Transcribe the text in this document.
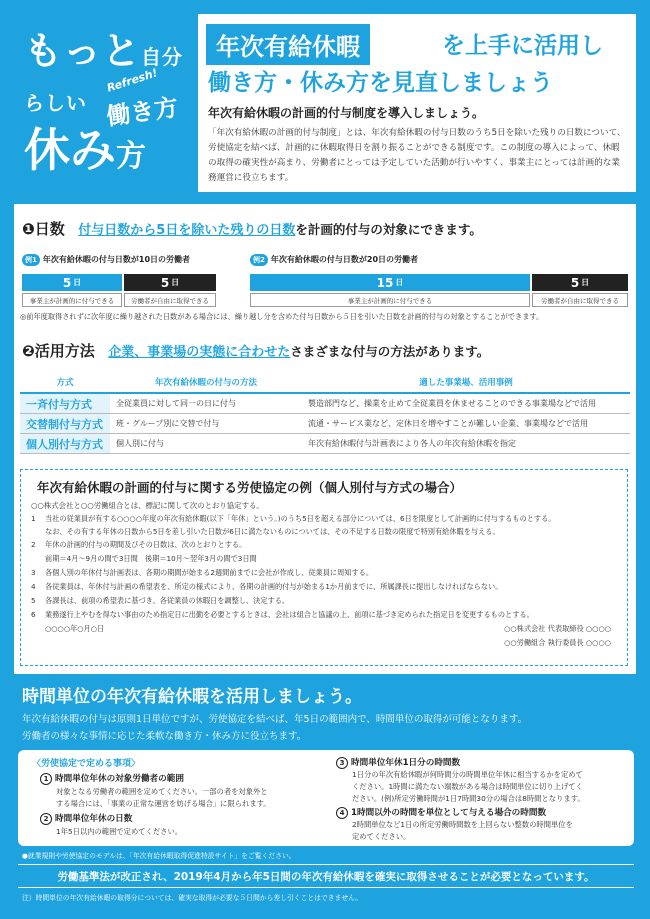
もっと自分らしい
Refresh!
働き方
休み方
年次有給休暇	を上手に活用し
働き方・休み方を見直しましょう
年次有給休暇の計画的付与制度を導入しましょう。
「年次有給休暇の計画的付与制度」とは、年次有給休暇の付与日数のうち5日を除いた残りの日数について、労使協定を結べば、計画的に休暇取得日を割り振ることができる制度です。この制度の導入によって、休暇の取得の確実性が高まり、労働者にとっては予定していた活動が行いやすく、事業主にとっては計画的な業務運営に役立ちます。
❶日数 付与日数から5日を除いた残りの日数を計画的付与の対象にできます。
例1 年次有給休暇の付与日数が10日の労働者
5 日	5 日
事業主が計画的に付与できる	労働者が自由に取得できる
例2 年次有給休暇の付与日数が20日の労働者
15 日	5 日
事業主が計画的に付与できる	労働者が自由に取得できる
◎前年度取得されずに次年度に繰り越された日数がある場合には、繰り越し分を含めた付与日数から５日を引いた日数を計画的付与の対象とすることができます。
❷活用方法 企業、事業場の実態に合わせたさまざまな付与の方法があります。
方式	年次有給休暇の付与の方法	適した事業場、活用事例
一斉付与方式	全従業員に対して同一の日に付与	製造部門など、操業を止めて全従業員を休ませることのできる事業場などで活用
交替制付与方式	班・グループ別に交替で付与	流通・サービス業など、定休日を増やすことが難しい企業、事業場などで活用
個人別付与方式	個人別に付与	年次有給休暇付与計画表により各人の年次有給休暇を指定
年次有給休暇の計画的付与に関する労使協定の例（個人別付与方式の場合）
○○株式会社と○○労働組合とは、標記に関して次のとおり協定する。
1 当社の従業員が有する○○○○年度の年次有給休暇(以下「年休」という。)のうち5日を超える部分については、6日を限度として計画的に付与するものとする。
なお、その有する年休の日数から5日を差し引いた日数が6日に満たないものについては、その不足する日数の限度で特別有給休暇を与える。
2 年休の計画的付与の期間及びその日数は、次のとおりとする。
前期＝4月～9月の間で3日間　後期＝10月～翌年3月の間で3日間
3 各個人別の年休付与計画表は、各期の期間が始まる2週間前までに会社が作成し、従業員に周知する。
4 各従業員は、年休付与計画の希望表を、所定の様式により、各期の計画的付与が始まる1か月前までに、所属課長に提出しなければならない。
5 各課長は、前項の希望表に基づき、各従業員の休暇日を調整し、決定する。
6 業務遂行上やむを得ない事由のため指定日に出勤を必要とするときは、会社は組合と協議の上、前項に基づき定められた指定日を変更するものとする。
○○○○年○月○日	○○株式会社 代表取締役 ○○○○
○○労働組合 執行委員長 ○○○○
時間単位の年次有給休暇を活用しましょう。
年次有給休暇の付与は原則1日単位ですが、労使協定を結べば、年5日の範囲内で、時間単位の取得が可能となります。
労働者の様々な事情に応じた柔軟な働き方・休み方に役立ちます。
〈労使協定で定める事項〉
1 時間単位年休の対象労働者の範囲
対象となる労働者の範囲を定めてください。一部の者を対象外と
する場合には、「事業の正常な運営を妨げる場合」に限られます。
2 時間単位年休の日数
1年5日以内の範囲で定めてください。
3 時間単位年休1日分の時間数
1日分の年次有給休暇が何時間分の時間単位年休に相当するかを定めて
ください。1時間に満たない端数がある場合は時間単位に切り上げてく
ださい。(例)所定労働時間が1日7時間30分の場合は8時間となります。
4 1時間以外の時間を単位として与える場合の時間数
2時間単位など1日の所定労働時間数を上回らない整数の時間単位を
定めてください。
●就業規則や労使協定のモデルは、「年次有給休暇取得促進特設サイト」をご覧ください。
労働基準法が改正され、2019年4月から年5日間の年次有給休暇を確実に取得させることが必要となっています。
注）時間単位の年次有給休暇の取得分については、確実な取得が必要な５日間から差し引くことはできません。
